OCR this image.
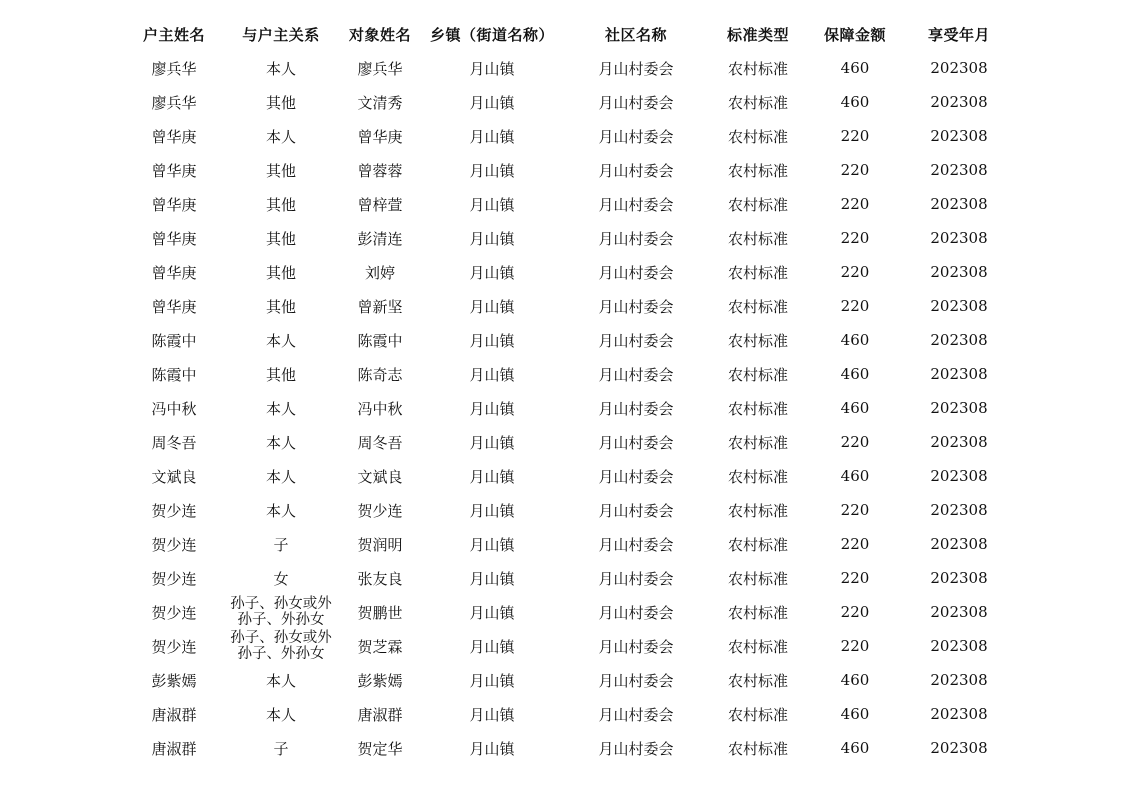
户主姓名	与户主关系	对象姓名	乡镇（街道名称）	社区名称	标准类型	保障金额	享受年月
廖兵华	本人	廖兵华	月山镇	月山村委会	农村标准	460	202308
廖兵华	其他	文清秀	月山镇	月山村委会	农村标准	460	202308
曾华庚	本人	曾华庚	月山镇	月山村委会	农村标准	220	202308
曾华庚	其他	曾蓉蓉	月山镇	月山村委会	农村标准	220	202308
曾华庚	其他	曾梓萱	月山镇	月山村委会	农村标准	220	202308
曾华庚	其他	彭清连	月山镇	月山村委会	农村标准	220	202308
曾华庚	其他	刘婷	月山镇	月山村委会	农村标准	220	202308
曾华庚	其他	曾新坚	月山镇	月山村委会	农村标准	220	202308
陈霞中	本人	陈霞中	月山镇	月山村委会	农村标准	460	202308
陈霞中	其他	陈奇志	月山镇	月山村委会	农村标准	460	202308
冯中秋	本人	冯中秋	月山镇	月山村委会	农村标准	460	202308
周冬吾	本人	周冬吾	月山镇	月山村委会	农村标准	220	202308
文斌良	本人	文斌良	月山镇	月山村委会	农村标准	460	202308
贺少连	本人	贺少连	月山镇	月山村委会	农村标准	220	202308
贺少连	子	贺润明	月山镇	月山村委会	农村标准	220	202308
贺少连	女	张友良	月山镇	月山村委会	农村标准	220	202308
贺少连	孙子、孙女或外孙子、外孙女	贺鹏世	月山镇	月山村委会	农村标准	220	202308
贺少连	孙子、孙女或外孙子、外孙女	贺芝霖	月山镇	月山村委会	农村标准	220	202308
彭紫嫣	本人	彭紫嫣	月山镇	月山村委会	农村标准	460	202308
唐淑群	本人	唐淑群	月山镇	月山村委会	农村标准	460	202308
唐淑群	子	贺定华	月山镇	月山村委会	农村标准	460	202308
